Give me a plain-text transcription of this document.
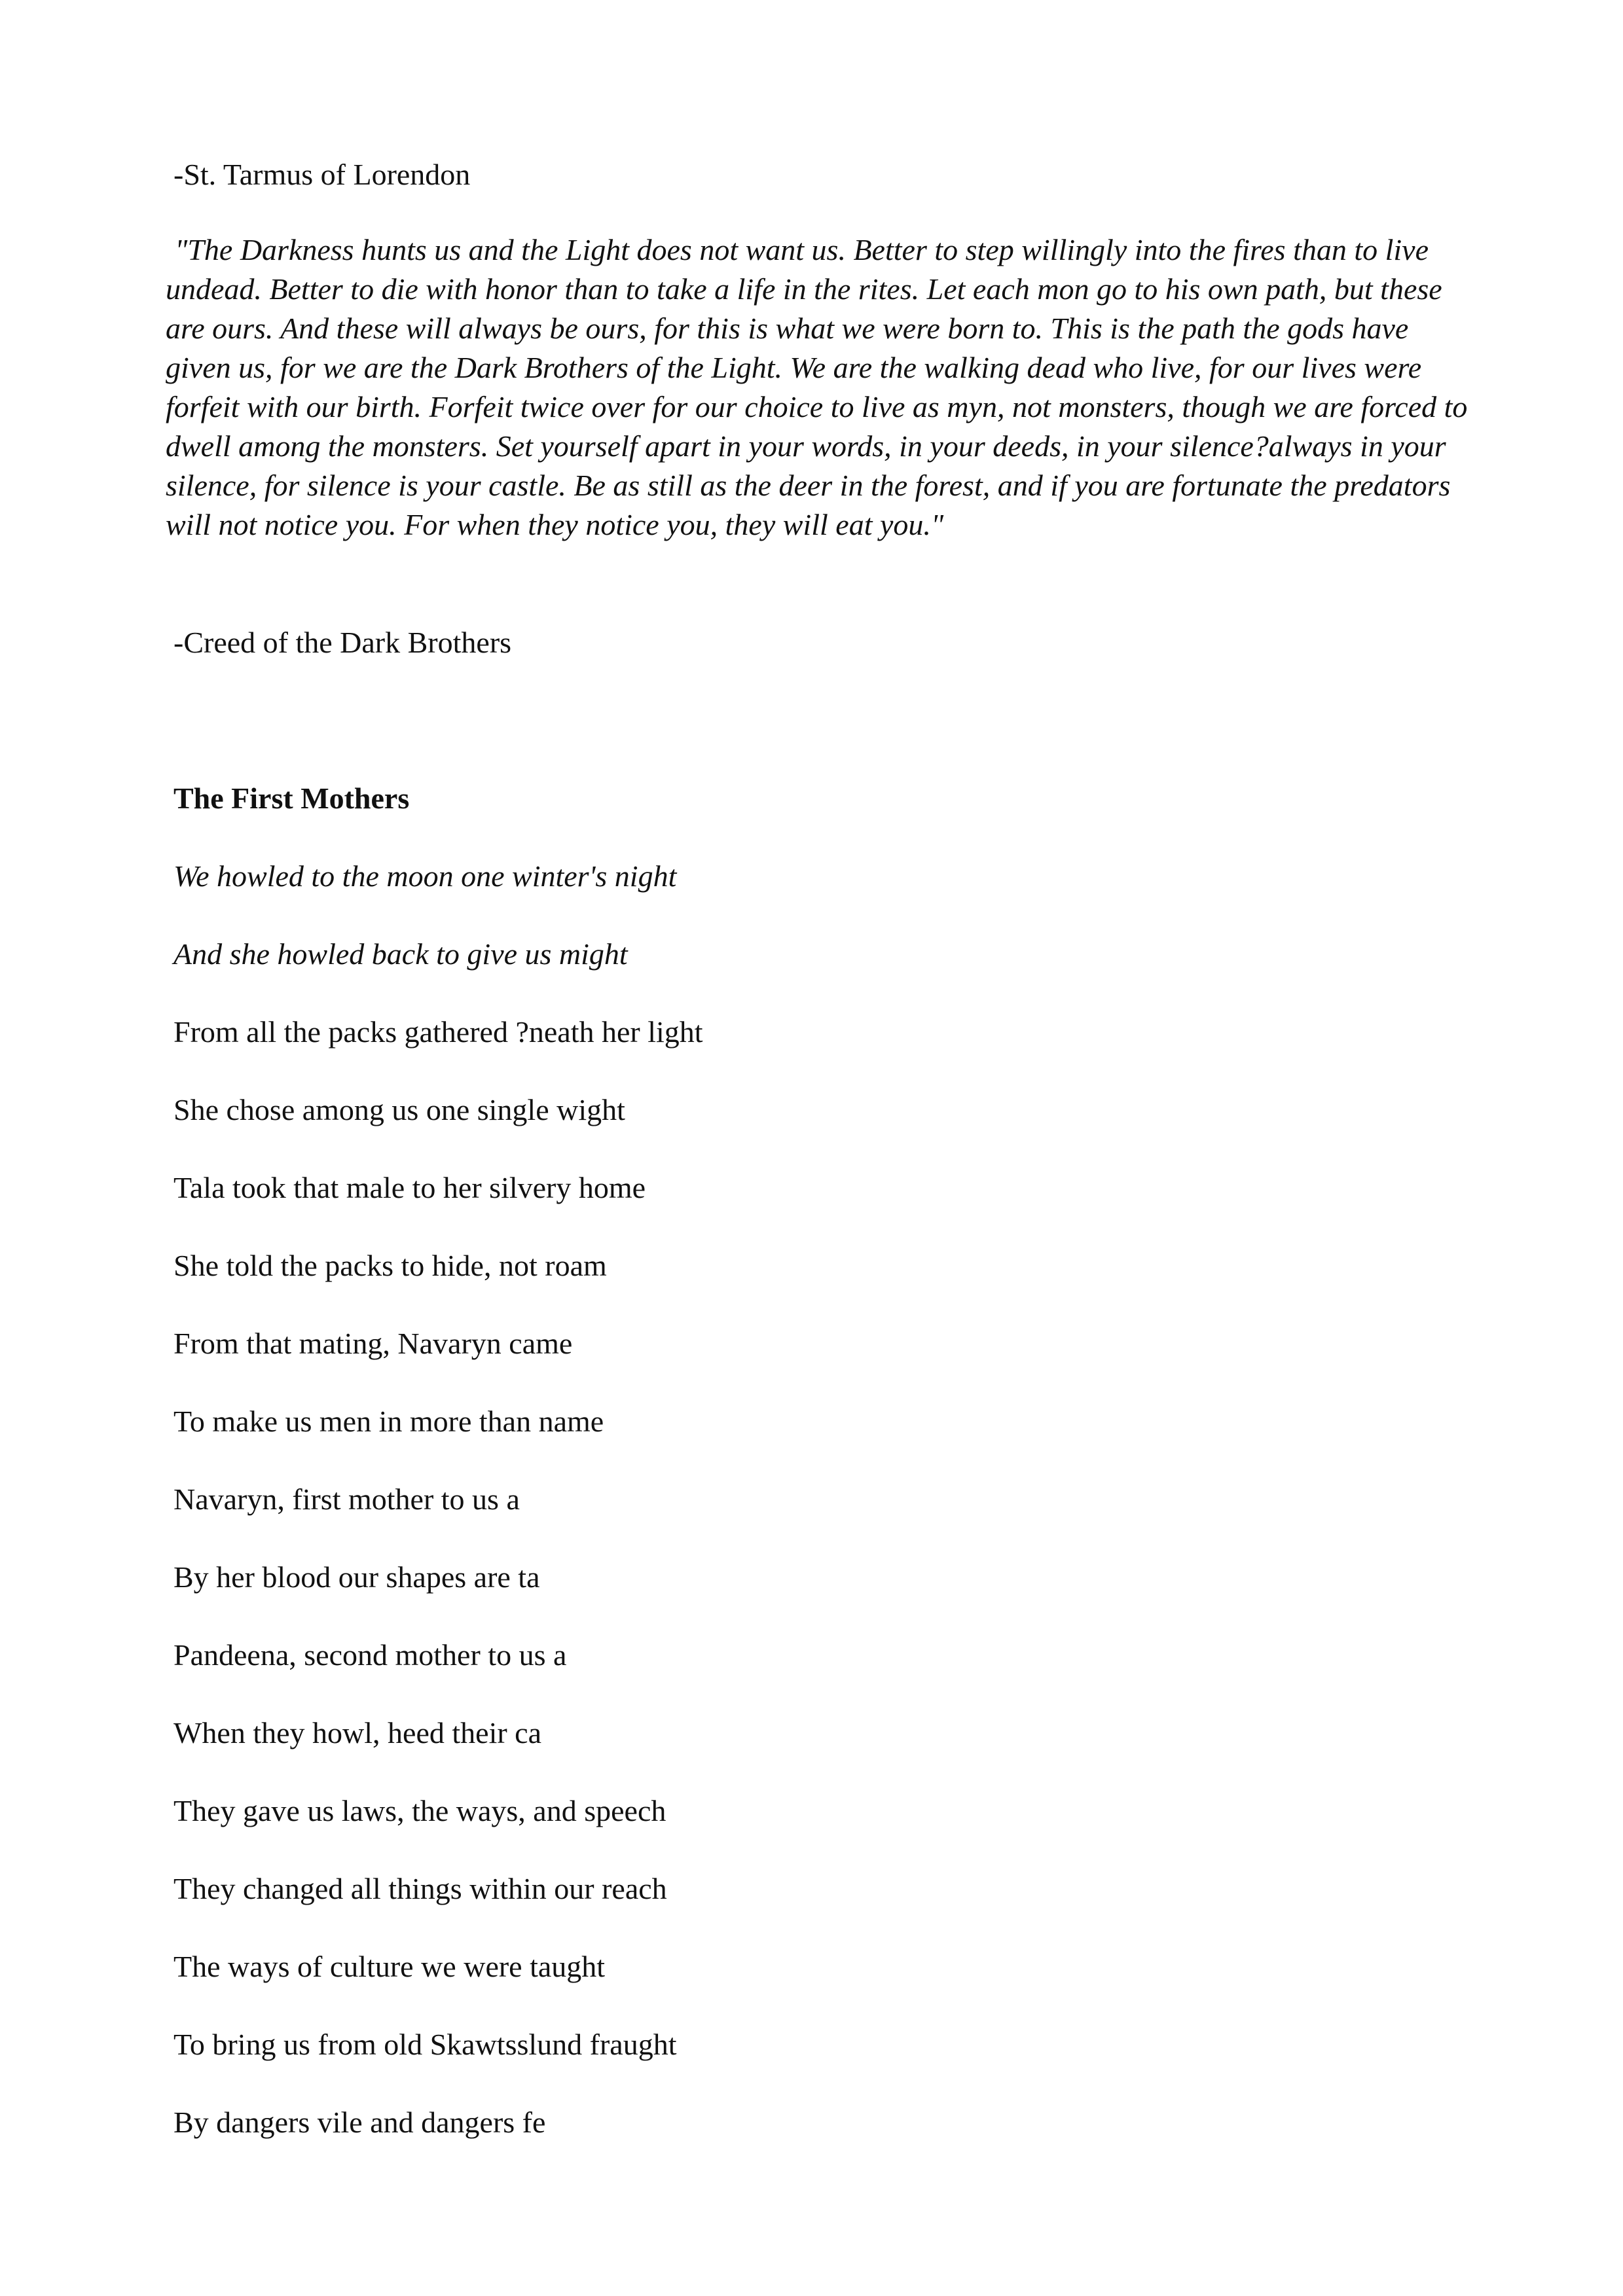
-St. Tarmus of Lorendon

"The Darkness hunts us and the Light does not want us. Better to step willingly into the fires than to live undead. Better to die with honor than to take a life in the rites. Let each mon go to his own path, but these are ours. And these will always be ours, for this is what we were born to. This is the path the gods have given us, for we are the Dark Brothers of the Light. We are the walking dead who live, for our lives were forfeit with our birth. Forfeit twice over for our choice to live as myn, not monsters, though we are forced to dwell among the monsters. Set yourself apart in your words, in your deeds, in your silence?always in your silence, for silence is your castle. Be as still as the deer in the forest, and if you are fortunate the predators will not notice you. For when they notice you, they will eat you."

-Creed of the Dark Brothers

The First Mothers

We howled to the moon one winter's night

And she howled back to give us might

From all the packs gathered ?neath her light

She chose among us one single wight

Tala took that male to her silvery home

She told the packs to hide, not roam

From that mating, Navaryn came

To make us men in more than name

Navaryn, first mother to us a

By her blood our shapes are ta

Pandeena, second mother to us a

When they howl, heed their ca

They gave us laws, the ways, and speech

They changed all things within our reach

The ways of culture we were taught

To bring us from old Skawtsslund fraught

By dangers vile and dangers fe
